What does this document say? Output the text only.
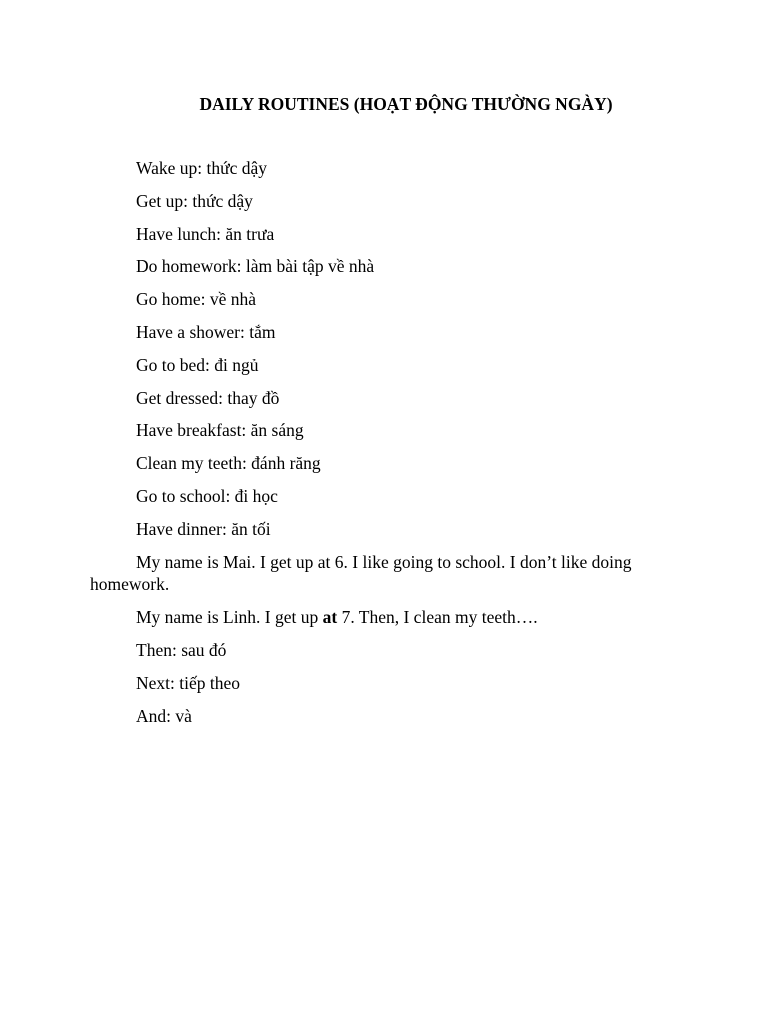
DAILY ROUTINES (HOẠT ĐỘNG THƯỜNG NGÀY)
Wake up: thức dậy
Get up: thức dậy
Have lunch: ăn trưa
Do homework: làm bài tập về nhà
Go home: về nhà
Have a shower: tắm
Go to bed: đi ngủ
Get dressed: thay đồ
Have breakfast: ăn sáng
Clean my teeth: đánh răng
Go to school: đi học
Have dinner: ăn tối

My name is Mai. I get up at 6. I like going to school. I don’t like doing homework.

My name is Linh. I get up at 7. Then, I clean my teeth….

Then: sau đó
Next: tiếp theo
And: và
